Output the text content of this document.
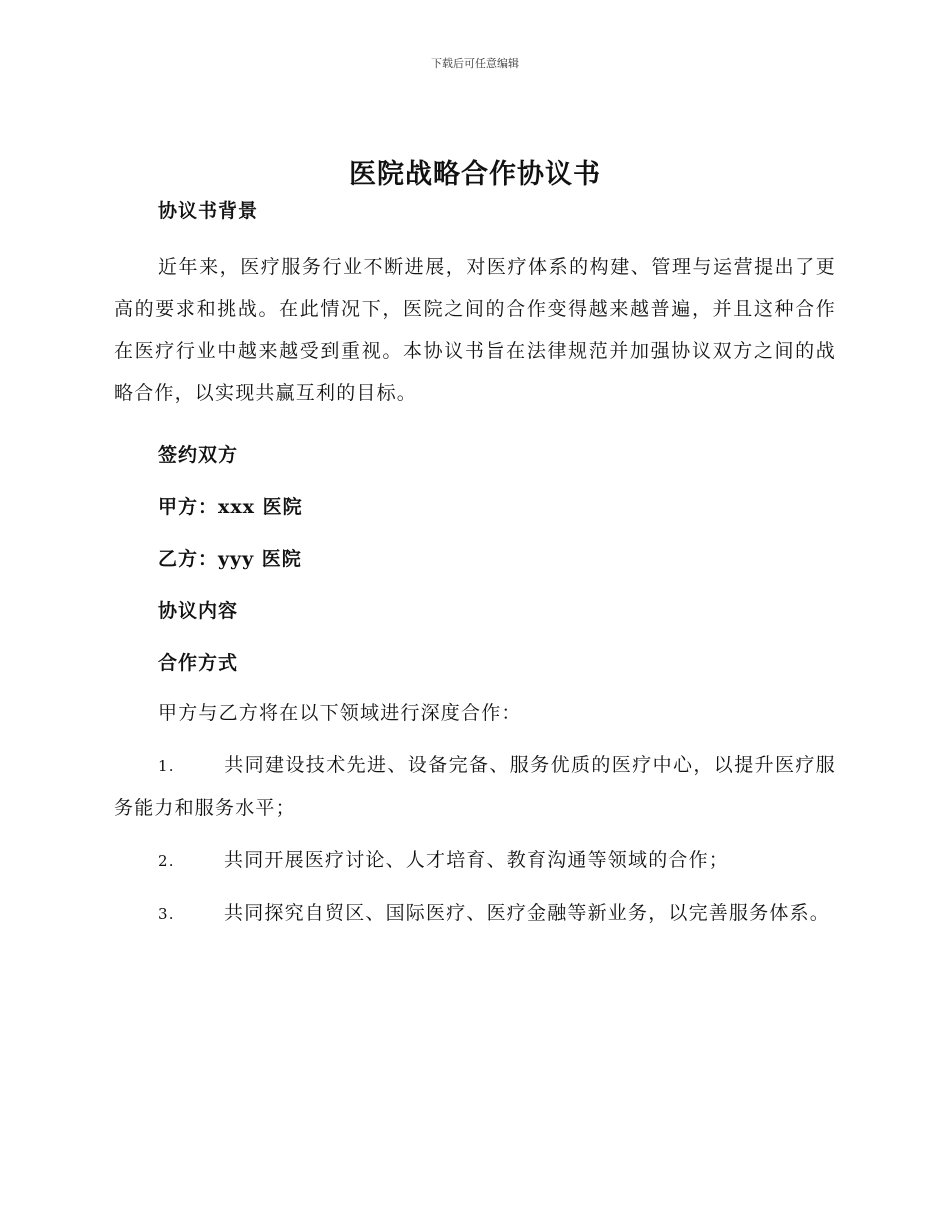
下载后可任意编辑
医院战略合作协议书

协议书背景

近年来，医疗服务行业不断进展，对医疗体系的构建、管理与运营提出了更高的要求和挑战。在此情况下，医院之间的合作变得越来越普遍，并且这种合作在医疗行业中越来越受到重视。本协议书旨在法律规范并加强协议双方之间的战略合作，以实现共赢互利的目标。

签约双方

甲方：xxx 医院

乙方：yyy 医院

协议内容

合作方式

甲方与乙方将在以下领域进行深度合作：

1.	共同建设技术先进、设备完备、服务优质的医疗中心，以提升医疗服务能力和服务水平；

2.	共同开展医疗讨论、人才培育、教育沟通等领域的合作；

3.	共同探究自贸区、国际医疗、医疗金融等新业务，以完善服务体系。
